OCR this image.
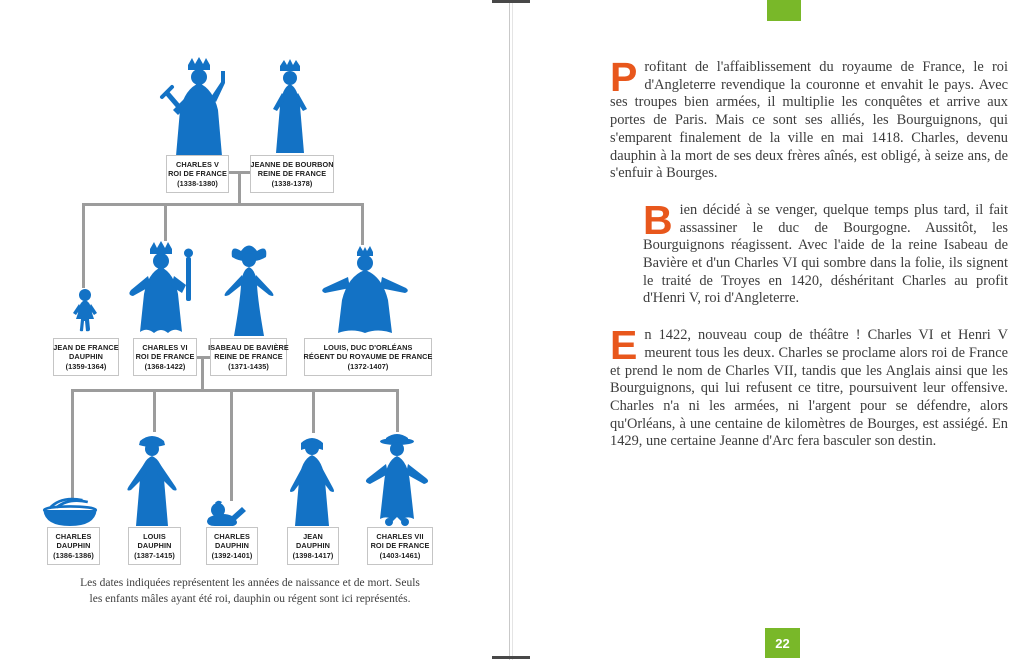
CHARLES V
ROI DE FRANCE
(1338-1380)
JEANNE DE BOURBON
REINE DE FRANCE
(1338-1378)
JEAN DE FRANCE
DAUPHIN
(1359-1364)
CHARLES VI
ROI DE FRANCE
(1368-1422)
ISABEAU DE BAVIÈRE
REINE DE FRANCE
(1371-1435)
LOUIS, DUC D'ORLÉANS
RÉGENT DU ROYAUME DE FRANCE
(1372-1407)
CHARLES
DAUPHIN
(1386-1386)
LOUIS
DAUPHIN
(1387-1415)
CHARLES
DAUPHIN
(1392-1401)
JEAN
DAUPHIN
(1398-1417)
CHARLES VII
ROI DE FRANCE
(1403-1461)
Les dates indiquées représentent les années de naissance et de mort. Seuls
les enfants mâles ayant été roi, dauphin ou régent sont ici représentés.

Profitant de l'affaiblissement du royaume de France, le roi d'Angleterre revendique la couronne et envahit le pays. Avec ses troupes bien armées, il multiplie les conquêtes et arrive aux portes de Paris. Mais ce sont ses alliés, les Bourguignons, qui s'emparent finalement de la ville en mai 1418. Charles, devenu dauphin à la mort de ses deux frères aînés, est obligé, à seize ans, de s'enfuir à Bourges.

Bien décidé à se venger, quelque temps plus tard, il fait assassiner le duc de Bourgogne. Aussitôt, les Bourguignons réagissent. Avec l'aide de la reine Isabeau de Bavière et d'un Charles VI qui sombre dans la folie, ils signent le traité de Troyes en 1420, déshéritant Charles au profit d'Henri V, roi d'Angleterre.

En 1422, nouveau coup de théâtre ! Charles VI et Henri V meurent tous les deux. Charles se proclame alors roi de France et prend le nom de Charles VII, tandis que les Anglais ainsi que les Bourguignons, qui lui refusent ce titre, poursuivent leur offensive. Charles n'a ni les armées, ni l'argent pour se défendre, alors qu'Orléans, à une centaine de kilomètres de Bourges, est assiégé. En 1429, une certaine Jeanne d'Arc fera basculer son destin.

22
